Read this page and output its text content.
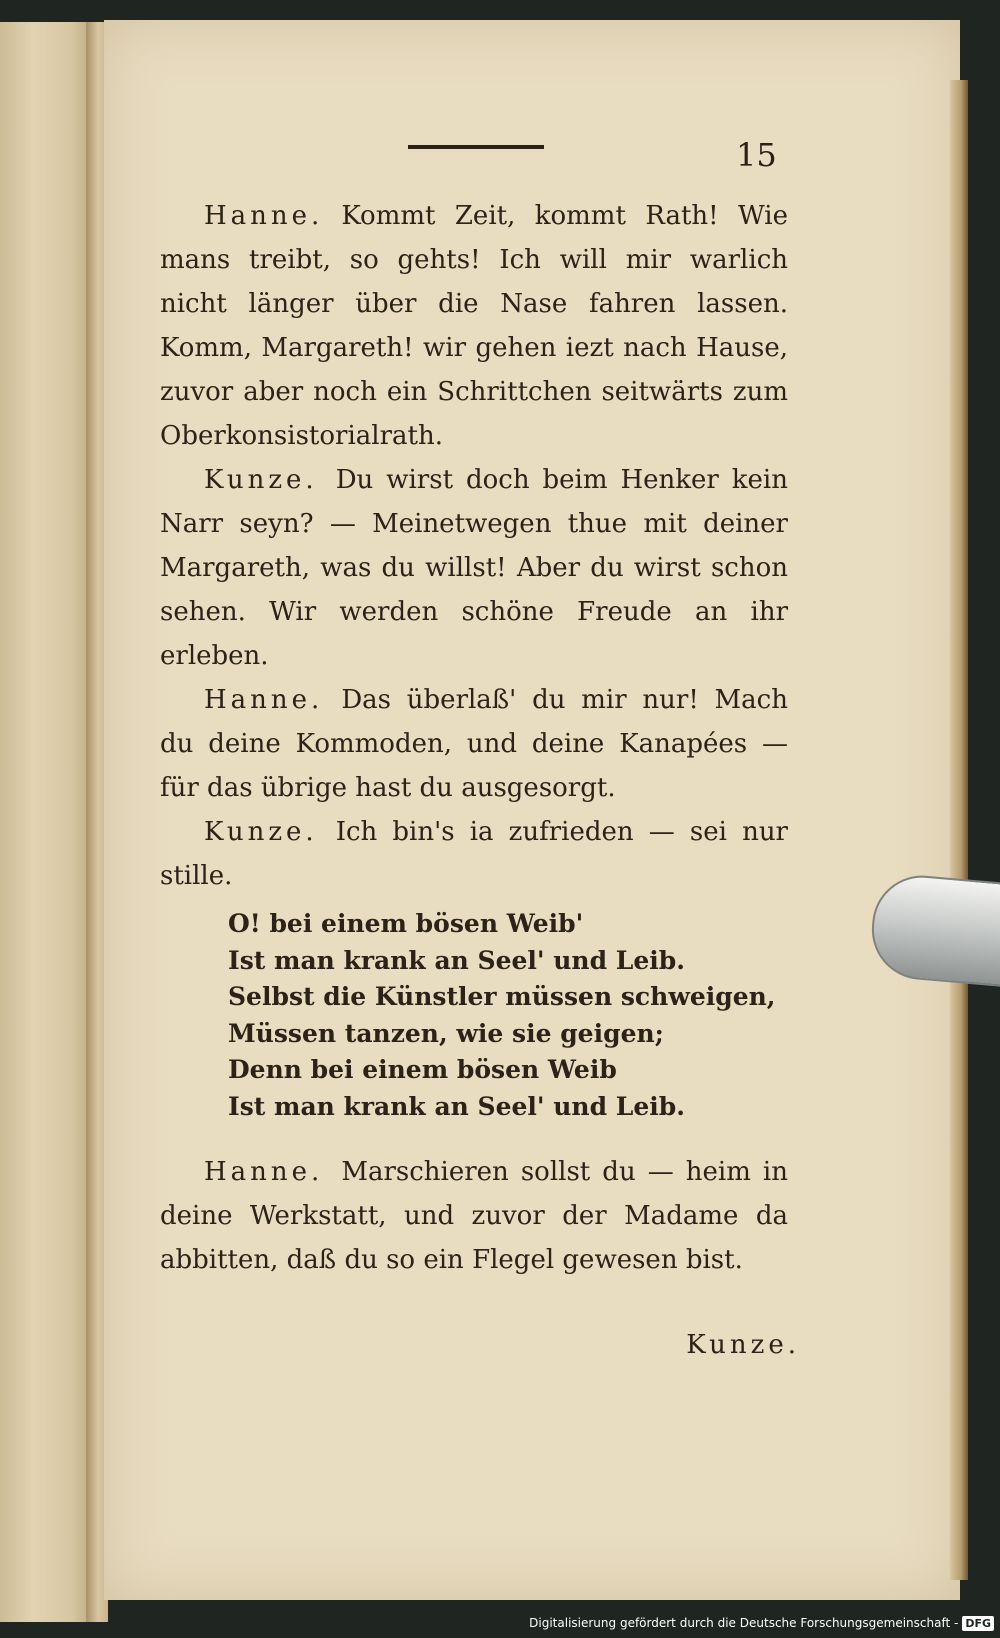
15

Hanne. Kommt Zeit, kommt Rath! Wie mans treibt, so gehts! Ich will mir warlich nicht länger über die Nase fahren lassen. Komm, Margareth! wir gehen iezt nach Hause, zuvor aber noch ein Schrittchen seitwärts zum Oberkonsistorialrath.

Kunze. Du wirst doch beim Henker kein Narr seyn? — Meinetwegen thue mit deiner Margareth, was du willst! Aber du wirst schon sehen. Wir werden schöne Freude an ihr erleben.

Hanne. Das überlaß' du mir nur! Mach du deine Kommoden, und deine Kanapées — für das übrige hast du ausgesorgt.

Kunze. Ich bin's ia zufrieden — sei nur stille.

O! bei einem bösen Weib'
Ist man krank an Seel' und Leib.
Selbst die Künstler müssen schweigen,
Müssen tanzen, wie sie geigen;
Denn bei einem bösen Weib
Ist man krank an Seel' und Leib.

Hanne. Marschieren sollst du — heim in deine Werkstatt, und zuvor der Madame da abbitten, daß du so ein Flegel gewesen bist.

Kunze.
Digitalisierung gefördert durch die Deutsche Forschungsgemeinschaft - DFG
